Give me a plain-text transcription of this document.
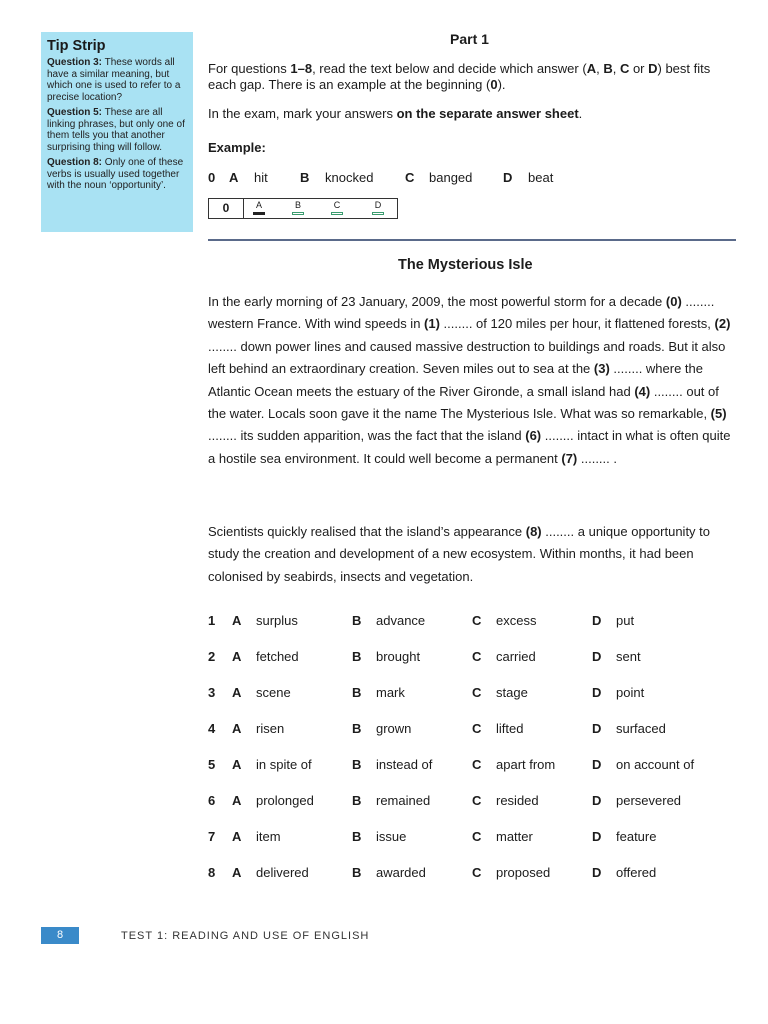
Tip Strip
Question 3: These words all have a similar meaning, but which one is used to refer to a precise location?
Question 5: These are all linking phrases, but only one of them tells you that another surprising thing will follow.
Question 8: Only one of these verbs is usually used together with the noun ‘opportunity’.
Part 1
For questions 1–8, read the text below and decide which answer (A, B, C or D) best fits each gap. There is an example at the beginning (0).
In the exam, mark your answers on the separate answer sheet.
Example:
0 A hit B knocked C banged D beat
0	A	B	C	D
The Mysterious Isle
In the early morning of 23 January, 2009, the most powerful storm for a decade (0) ........ western France. With wind speeds in (1) ........ of 120 miles per hour, it flattened forests, (2) ........ down power lines and caused massive destruction to buildings and roads. But it also left behind an extraordinary creation. Seven miles out to sea at the (3) ........ where the Atlantic Ocean meets the estuary of the River Gironde, a small island had (4) ........ out of the water. Locals soon gave it the name The Mysterious Isle. What was so remarkable, (5) ........ its sudden apparition, was the fact that the island (6) ........ intact in what is often quite a hostile sea environment. It could well become a permanent (7) ........ .
Scientists quickly realised that the island’s appearance (8) ........ a unique opportunity to study the creation and development of a new ecosystem. Within months, it had been colonised by seabirds, insects and vegetation.
1 A surplus	B advance	C excess	D put
2 A fetched	B brought	C carried	D sent
3 A scene	B mark	C stage	D point
4 A risen	B grown	C lifted	D surfaced
5 A in spite of	B instead of	C apart from	D on account of
6 A prolonged	B remained	C resided	D persevered
7 A item	B issue	C matter	D feature
8 A delivered	B awarded	C proposed	D offered
8	TEST 1: READING AND USE OF ENGLISH
